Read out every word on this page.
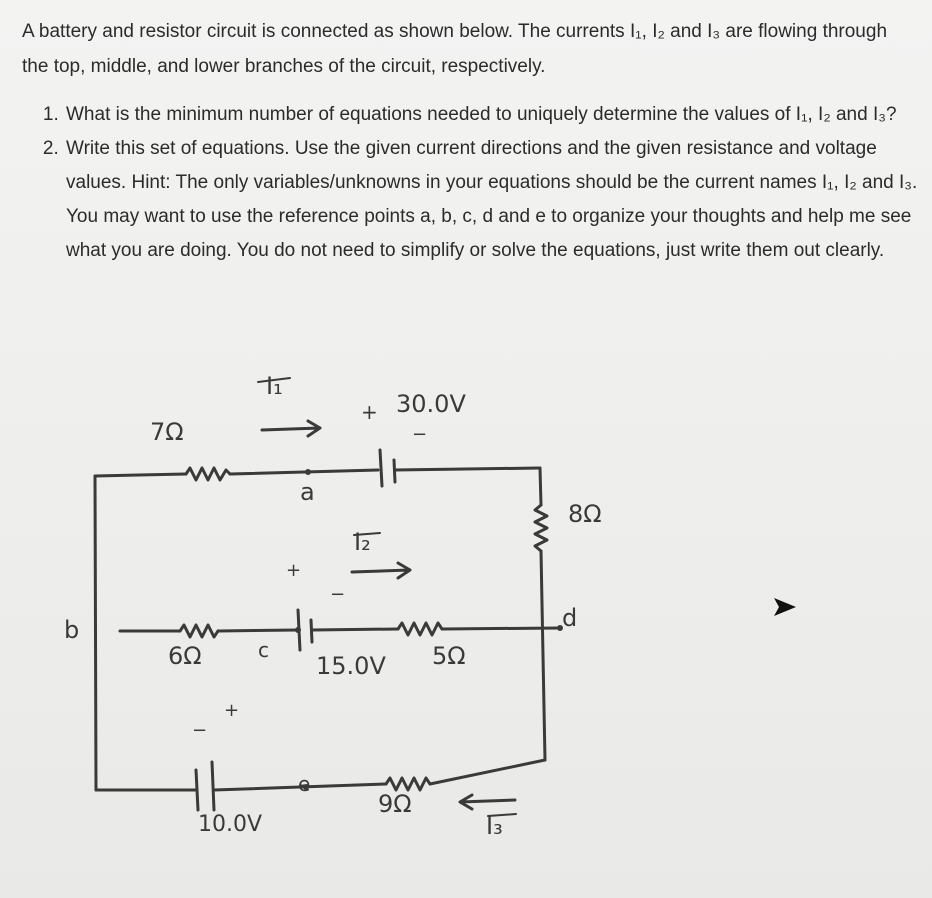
A battery and resistor circuit is connected as shown below. The currents I₁, I₂ and I₃ are flowing through the top, middle, and lower branches of the circuit, respectively.
1. What is the minimum number of equations needed to uniquely determine the values of I₁, I₂ and I₃?
2. Write this set of equations. Use the given current directions and the given resistance and voltage values. Hint: The only variables/unknowns in your equations should be the current names I₁, I₂ and I₃. You may want to use the reference points a, b, c, d and e to organize your thoughts and help me see what you are doing. You do not need to simplify or solve the equations, just write them out clearly.
7Ω
I₁
+ 30.0V
−
a
I₂
8Ω
+
−
b
6Ω	c
15.0V 5Ω
d
−
+
e
9Ω
I₃
10.0V
